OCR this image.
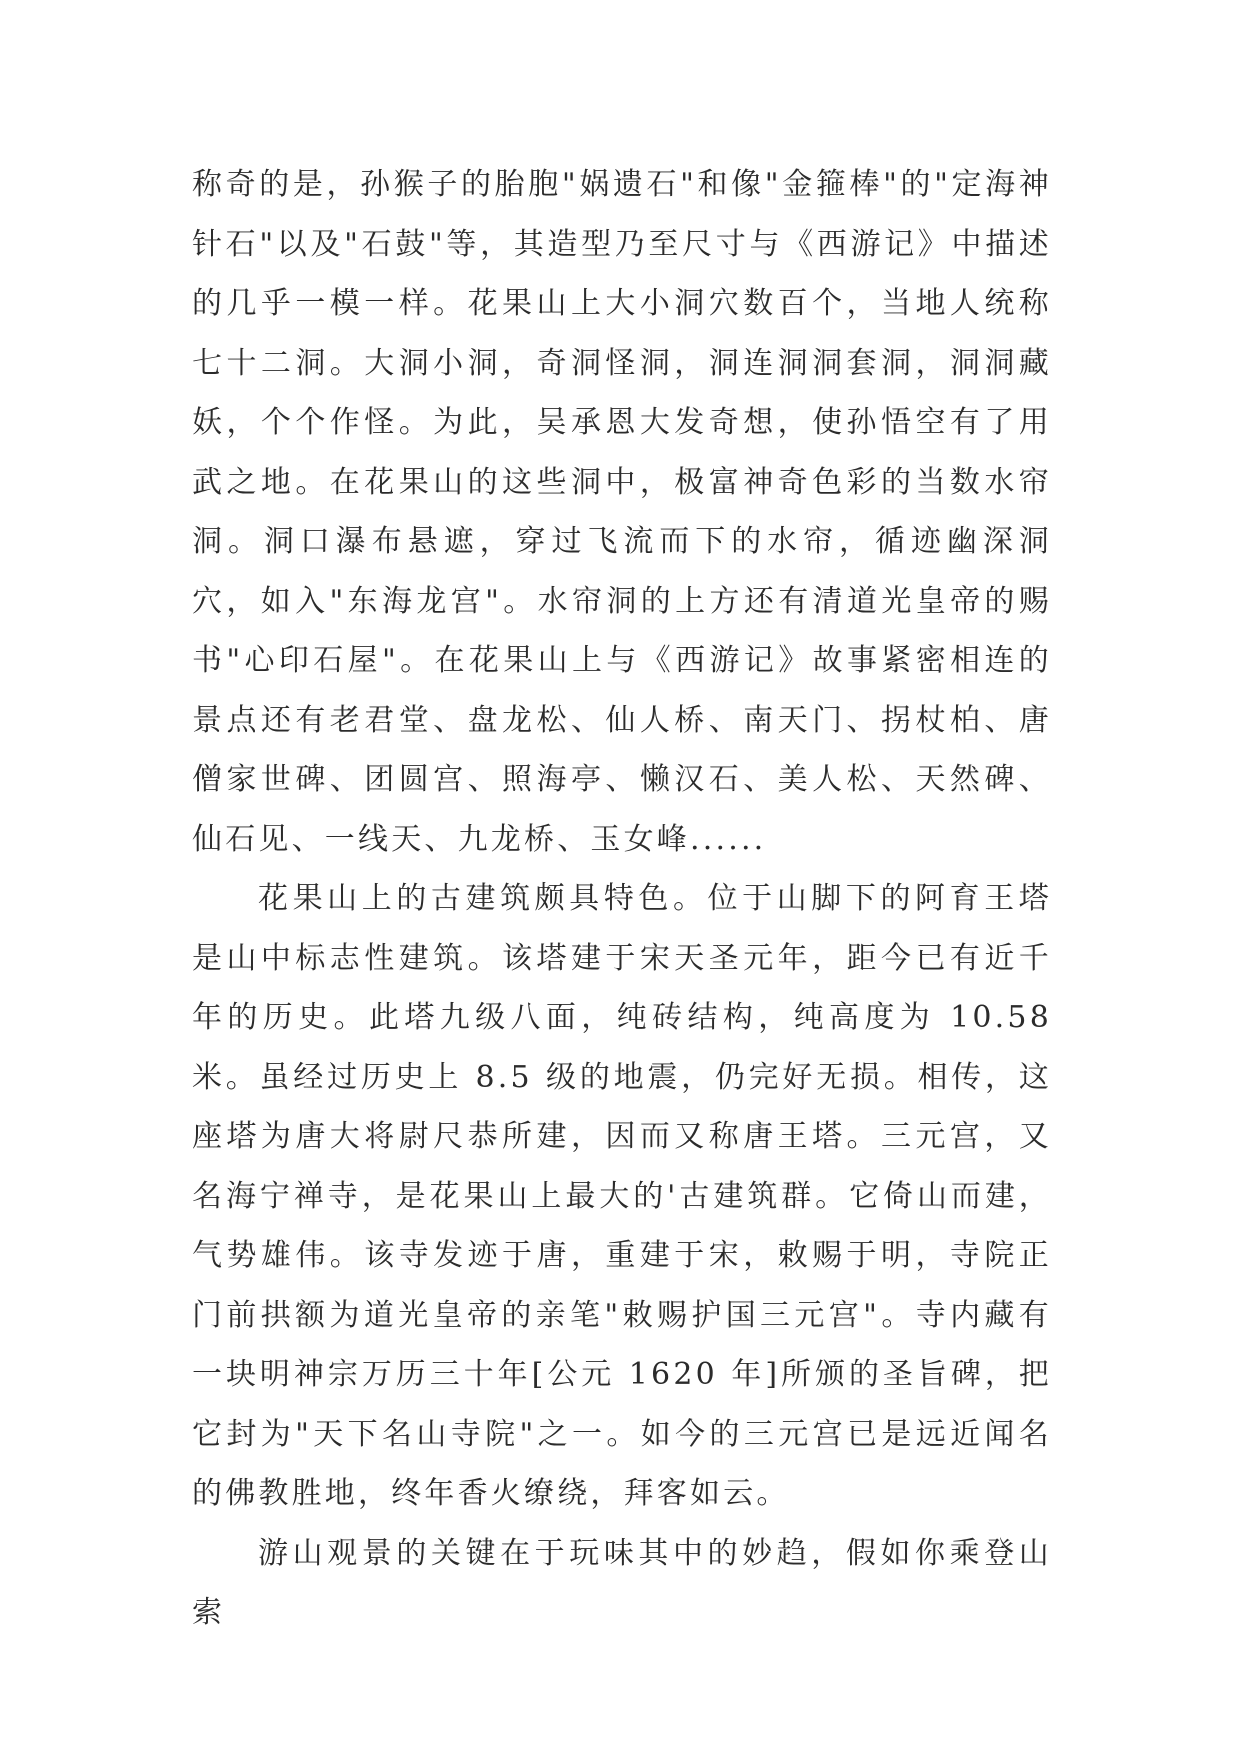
称奇的是，孙猴子的胎胞"娲遗石"和像"金箍棒"的"定海神针石"以及"石鼓"等，其造型乃至尺寸与《西游记》中描述的几乎一模一样。花果山上大小洞穴数百个，当地人统称七十二洞。大洞小洞，奇洞怪洞，洞连洞洞套洞，洞洞藏妖，个个作怪。为此，吴承恩大发奇想，使孙悟空有了用武之地。在花果山的这些洞中，极富神奇色彩的当数水帘洞。洞口瀑布悬遮，穿过飞流而下的水帘，循迹幽深洞穴，如入"东海龙宫"。水帘洞的上方还有清道光皇帝的赐书"心印石屋"。在花果山上与《西游记》故事紧密相连的景点还有老君堂、盘龙松、仙人桥、南天门、拐杖柏、唐僧家世碑、团圆宫、照海亭、懒汉石、美人松、天然碑、仙石见、一线天、九龙桥、玉女峰......

花果山上的古建筑颇具特色。位于山脚下的阿育王塔是山中标志性建筑。该塔建于宋天圣元年，距今已有近千年的历史。此塔九级八面，纯砖结构，纯高度为 10.58 米。虽经过历史上 8.5 级的地震，仍完好无损。相传，这座塔为唐大将尉尺恭所建，因而又称唐王塔。三元宫，又名海宁禅寺，是花果山上最大的'古建筑群。它倚山而建，气势雄伟。该寺发迹于唐，重建于宋，敕赐于明，寺院正门前拱额为道光皇帝的亲笔"敕赐护国三元宫"。寺内藏有一块明神宗万历三十年[公元 1620 年]所颁的圣旨碑，把它封为"天下名山寺院"之一。如今的三元宫已是远近闻名的佛教胜地，终年香火缭绕，拜客如云。

游山观景的关键在于玩味其中的妙趋，假如你乘登山索
